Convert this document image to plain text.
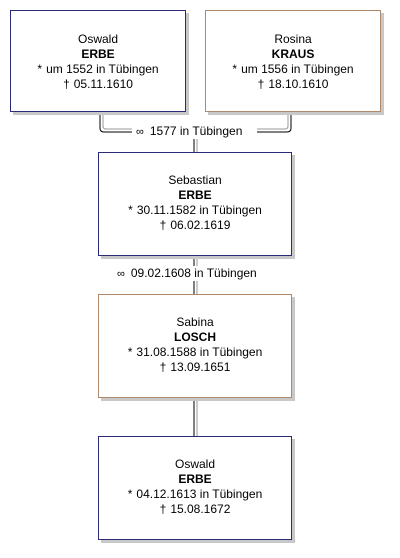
∞ 1577 in Tübingen
∞ 09.02.1608 in Tübingen
Oswald
ERBE
* um 1552 in Tübingen
† 05.11.1610
Rosina
KRAUS
* um 1556 in Tübingen
† 18.10.1610
Sebastian
ERBE
* 30.11.1582 in Tübingen
† 06.02.1619
Sabina
LOSCH
* 31.08.1588 in Tübingen
† 13.09.1651
Oswald
ERBE
* 04.12.1613 in Tübingen
† 15.08.1672
